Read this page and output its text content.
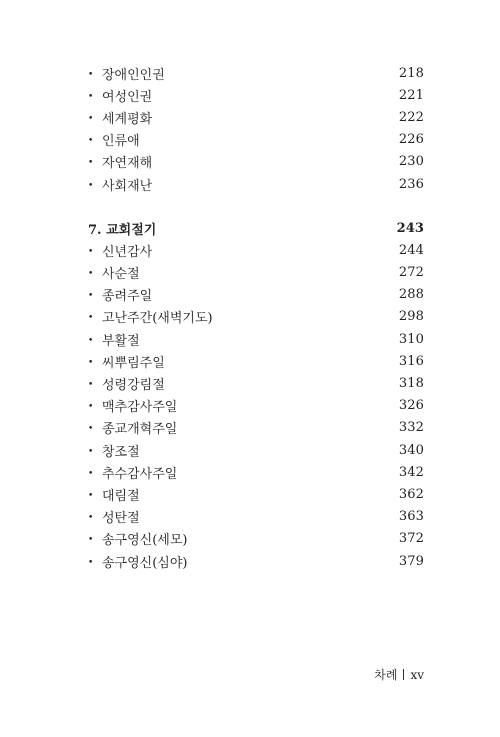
• 장애인인권	218
• 여성인권	221
• 세계평화	222
• 인류애	226
• 자연재해	230
• 사회재난	236
7. 교회절기	243
• 신년감사	244
• 사순절	272
• 종려주일	288
• 고난주간(새벽기도)	298
• 부활절	310
• 씨뿌림주일	316
• 성령강림절	318
• 맥추감사주일	326
• 종교개혁주일	332
• 창조절	340
• 추수감사주일	342
• 대림절	362
• 성탄절	363
• 송구영신(세모)	372
• 송구영신(심야)	379
차례 xv
